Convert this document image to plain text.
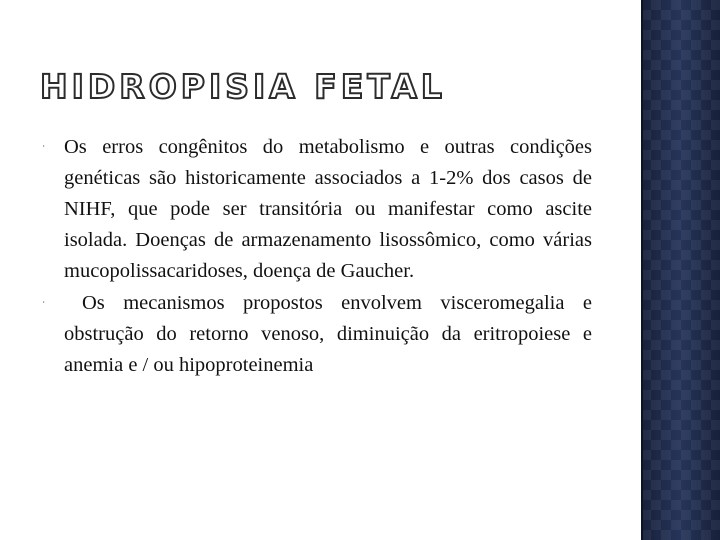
HIDROPISIA FETAL
ᐧ Os erros congênitos do metabolismo e outras condições genéticas são historicamente associados a 1-2% dos casos de NIHF, que pode ser transitória ou manifestar como ascite isolada. Doenças de armazenamento lisossômico, como várias mucopolissacaridoses, doença de Gaucher.
ᐧ	Os mecanismos propostos envolvem visceromegalia e obstrução do retorno venoso, diminuição da eritropoiese e anemia e / ou hipoproteinemia
